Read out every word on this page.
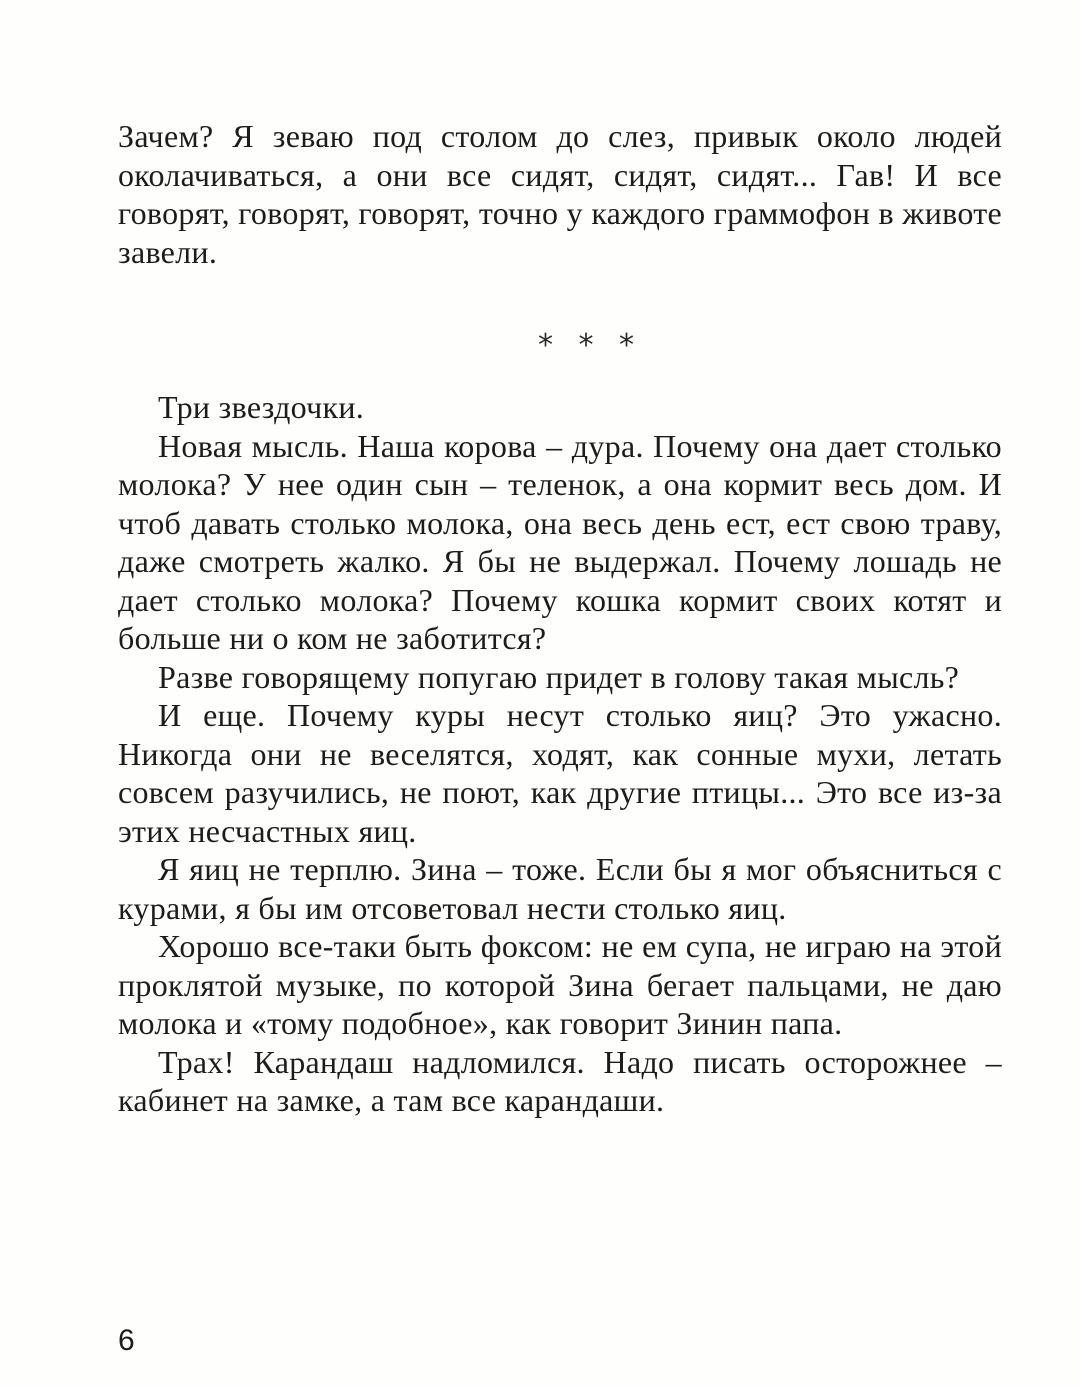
Зачем? Я зеваю под столом до слез, привык около людей околачиваться, а они все сидят, сидят, сидят... Гав! И все говорят, говорят, говорят, точно у каждого граммофон в животе завели.

* * *

Три звездочки.

Новая мысль. Наша корова – дура. Почему она дает столько молока? У нее один сын – теленок, а она кормит весь дом. И чтоб давать столько молока, она весь день ест, ест свою траву, даже смотреть жалко. Я бы не выдержал. Почему лошадь не дает столько молока? Почему кошка кормит своих котят и больше ни о ком не заботится?

Разве говорящему попугаю придет в голову такая мысль?

И еще. Почему куры несут столько яиц? Это ужасно. Никогда они не веселятся, ходят, как сонные мухи, летать совсем разучились, не поют, как другие птицы... Это все из-за этих несчастных яиц.

Я яиц не терплю. Зина – тоже. Если бы я мог объясниться с курами, я бы им отсоветовал нести столько яиц.

Хорошо все-таки быть фоксом: не ем супа, не играю на этой проклятой музыке, по которой Зина бегает пальцами, не даю молока и «тому подобное», как говорит Зинин папа.

Трах! Карандаш надломился. Надо писать осторожнее – кабинет на замке, а там все карандаши.

6
